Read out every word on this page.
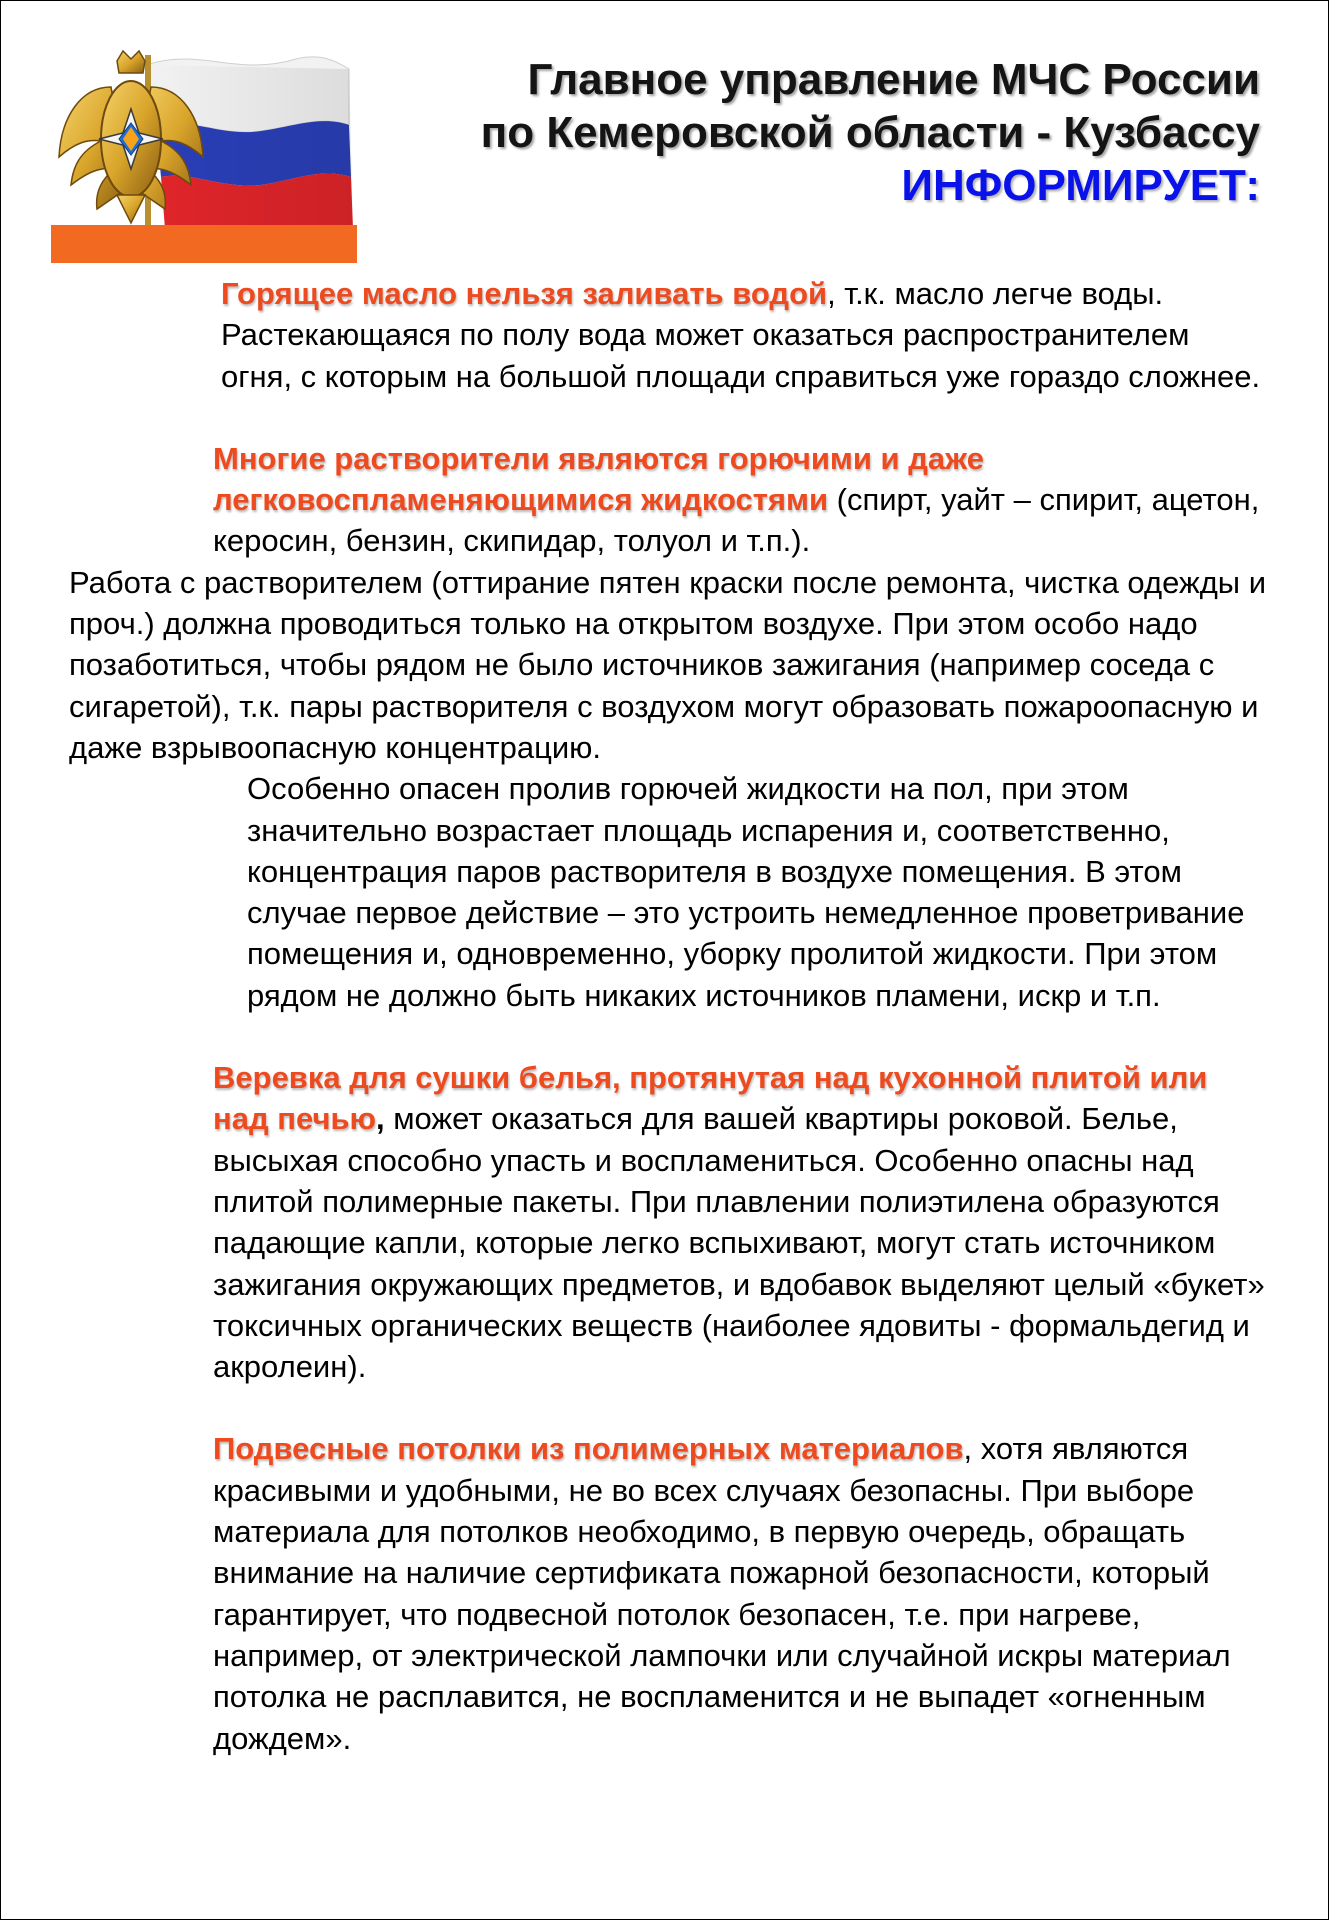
Главное управление МЧС России
по Кемеровской области - Кузбассу
ИНФОРМИРУЕТ:

Горящее масло нельзя заливать водой, т.к. масло легче воды. Растекающаяся по полу вода может оказаться распространителем огня, с которым на большой площади справиться уже гораздо сложнее.

Многие растворители являются горючими и даже легковоспламеняющимися жидкостями (спирт, уайт – спирит, ацетон, керосин, бензин, скипидар, толуол и т.п.).

Работа с растворителем (оттирание пятен краски после ремонта, чистка одежды и проч.) должна проводиться только на открытом воздухе. При этом особо надо позаботиться, чтобы рядом не было источников зажигания (например соседа с сигаретой), т.к. пары растворителя с воздухом могут образовать пожароопасную и даже взрывоопасную концентрацию.

Особенно опасен пролив горючей жидкости на пол, при этом значительно возрастает площадь испарения и, соответственно, концентрация паров растворителя в воздухе помещения. В этом случае первое действие – это устроить немедленное проветривание помещения и, одновременно, уборку пролитой жидкости. При этом рядом не должно быть никаких источников пламени, искр и т.п.

Веревка для сушки белья, протянутая над кухонной плитой или над печью, может оказаться для вашей квартиры роковой. Белье, высыхая способно упасть и воспламениться. Особенно опасны над плитой полимерные пакеты. При плавлении полиэтилена образуются падающие капли, которые легко вспыхивают, могут стать источником зажигания окружающих предметов, и вдобавок выделяют целый «букет» токсичных органических веществ (наиболее ядовиты - формальдегид и акролеин).

Подвесные потолки из полимерных материалов, хотя являются красивыми и удобными, не во всех случаях безопасны. При выборе материала для потолков необходимо, в первую очередь, обращать внимание на наличие сертификата пожарной безопасности, который гарантирует, что подвесной потолок безопасен, т.е. при нагреве, например, от электрической лампочки или случайной искры материал потолка не расплавится, не воспламенится и не выпадет «огненным дождем».
